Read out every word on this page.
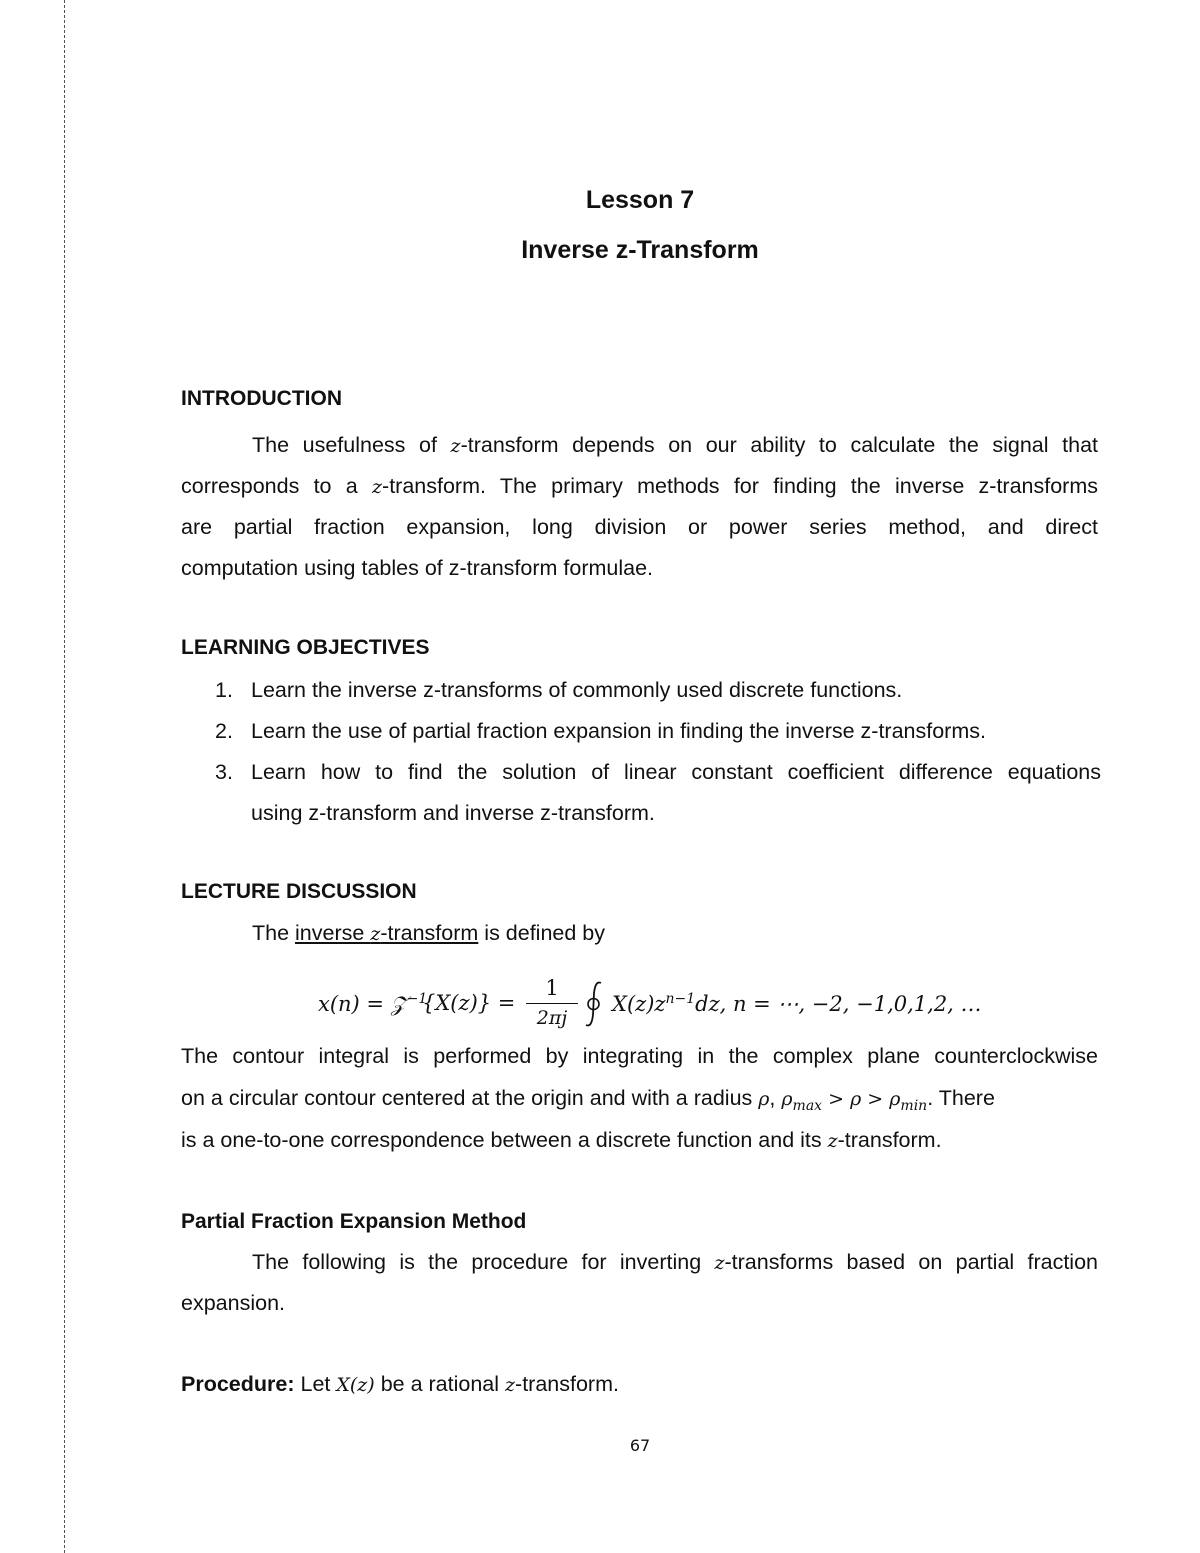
Lesson 7
Inverse z-Transform
INTRODUCTION
The usefulness of z-transform depends on our ability to calculate the signal that
corresponds to a z-transform. The primary methods for finding the inverse z-transforms
are partial fraction expansion, long division or power series method, and direct
computation using tables of z-transform formulae.
LEARNING OBJECTIVES
1. Learn the inverse z-transforms of commonly used discrete functions.
2. Learn the use of partial fraction expansion in finding the inverse z-transforms.
3. Learn how to find the solution of linear constant coefficient difference equations
using z-transform and inverse z-transform.
LECTURE DISCUSSION
The inverse z-transform is defined by
x(n) = 𝒵$^{-1}$
{X(z)} =
1
2πj
$X(z)z^{n-1}dz$, n = ⋯, −2, −1,0,1,2, …
The contour integral is performed by integrating in the complex plane counterclockwise
on a circular contour centered at the origin and with a radius ρ, $\rho_{max} > \rho > \rho_{min}$. There
is a one-to-one correspondence between a discrete function and its z-transform.
Partial Fraction Expansion Method
The following is the procedure for inverting z-transforms based on partial fraction
expansion.
Procedure: Let X(z) be a rational z-transform.
67
